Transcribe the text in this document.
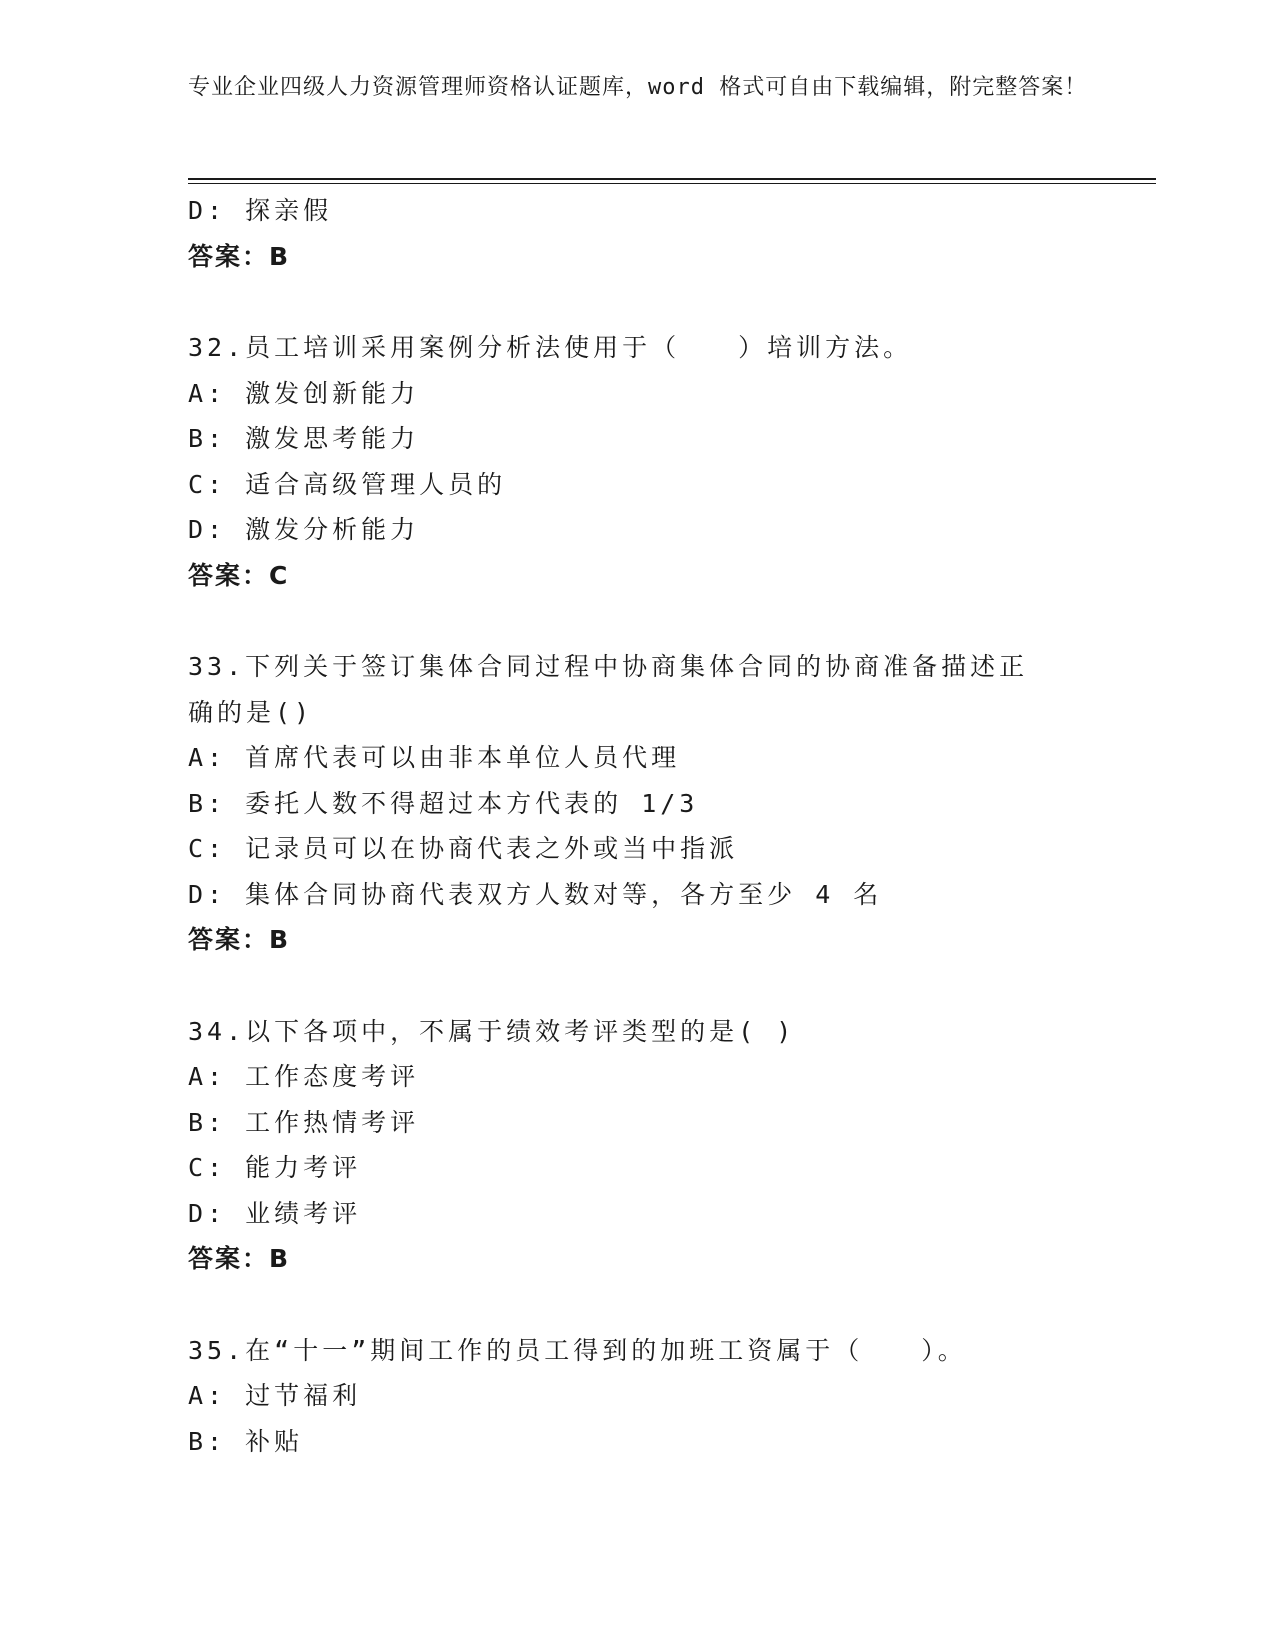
专业企业四级人力资源管理师资格认证题库，word 格式可自由下载编辑，附完整答案！
D: 探亲假
答案：B
32.员工培训采用案例分析法使用于（　　）培训方法。
A: 激发创新能力
B: 激发思考能力
C: 适合高级管理人员的
D: 激发分析能力
答案：C
33.下列关于签订集体合同过程中协商集体合同的协商准备描述正确的是()
A: 首席代表可以由非本单位人员代理
B: 委托人数不得超过本方代表的 1/3
C: 记录员可以在协商代表之外或当中指派
D: 集体合同协商代表双方人数对等，各方至少 4 名
答案：B
34.以下各项中，不属于绩效考评类型的是( )
A: 工作态度考评
B: 工作热情考评
C: 能力考评
D: 业绩考评
答案：B
35.在“十一”期间工作的员工得到的加班工资属于（　　）。
A: 过节福利
B: 补贴
